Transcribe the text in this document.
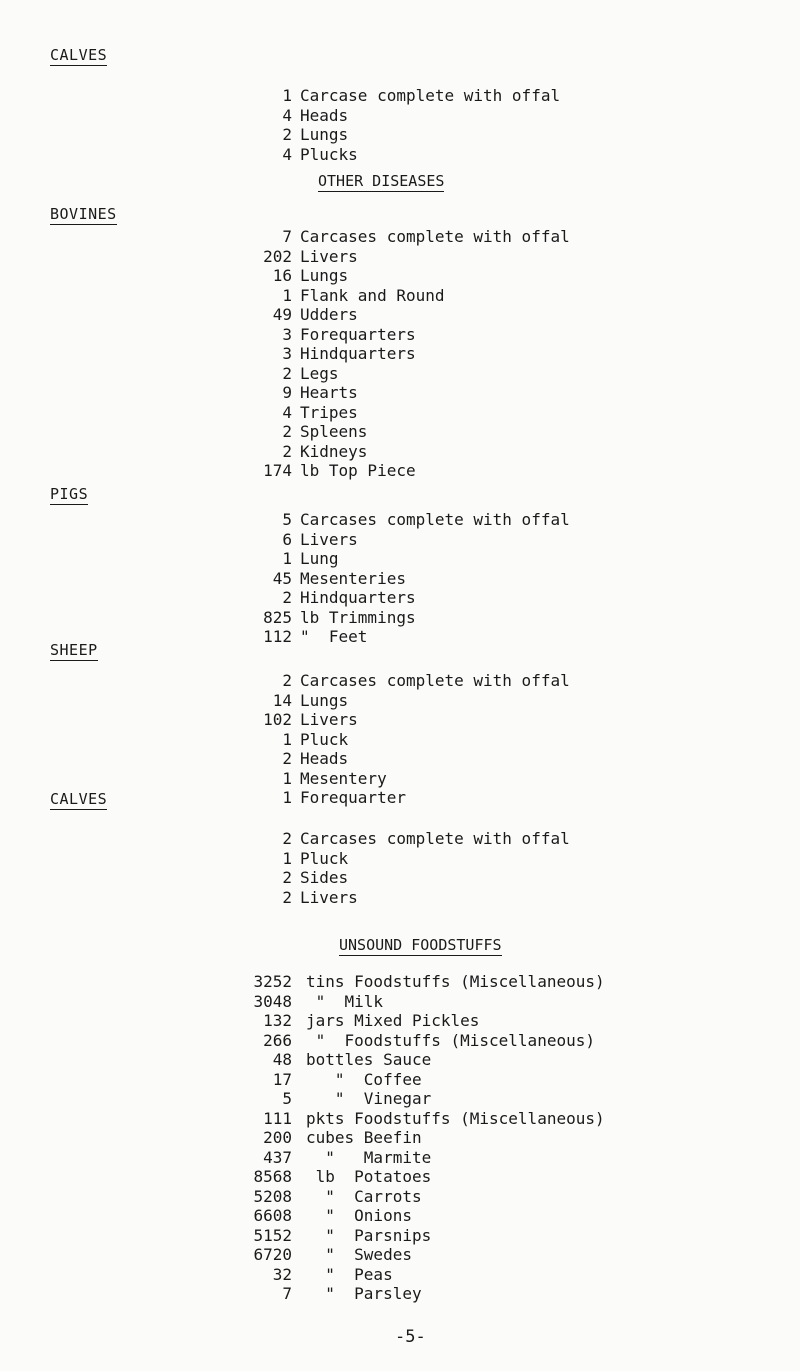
CALVES
1 Carcase complete with offal
4 Heads
2 Lungs
4 Plucks
OTHER DISEASES
BOVINES
7 Carcases complete with offal
202 Livers
16 Lungs
1 Flank and Round
49 Udders
3 Forequarters
3 Hindquarters
2 Legs
9 Hearts
4 Tripes
2 Spleens
2 Kidneys
174 lb Top Piece
PIGS
5 Carcases complete with offal
6 Livers
1 Lung
45 Mesenteries
2 Hindquarters
825 lb Trimmings
112 "  Feet
SHEEP
2 Carcases complete with offal
14 Lungs
102 Livers
1 Pluck
2 Heads
1 Mesentery
1 Forequarter
CALVES
2 Carcases complete with offal
1 Pluck
2 Sides
2 Livers
UNSOUND FOODSTUFFS
3252 tins Foodstuffs (Miscellaneous)
3048 "  Milk
132 jars Mixed Pickles
266 "  Foodstuffs (Miscellaneous)
48 bottles Sauce
17 "  Coffee
5 "  Vinegar
111 pkts Foodstuffs (Miscellaneous)
200 cubes Beefin
437 "   Marmite
8568 lb  Potatoes
5208 "  Carrots
6608 "  Onions
5152 "  Parsnips
6720 "  Swedes
32 "  Peas
7 "  Parsley
-5-
